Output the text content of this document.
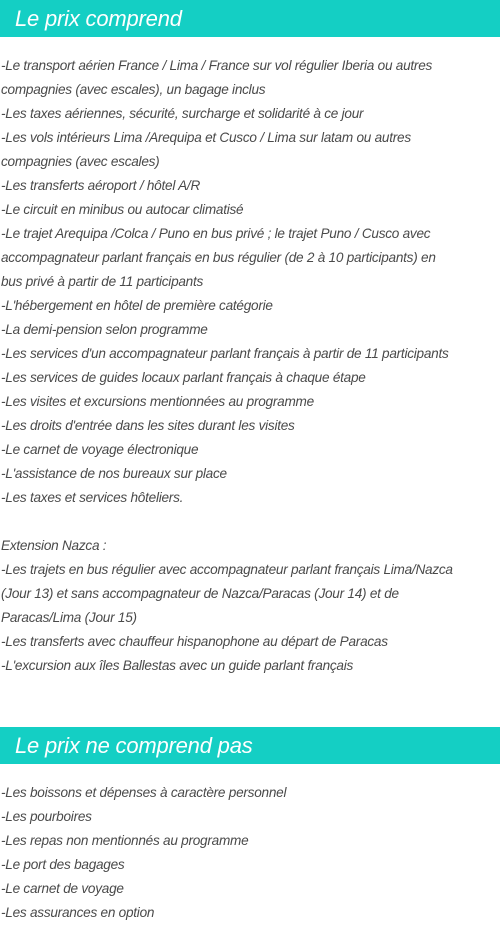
Le prix comprend
-Le transport aérien France / Lima / France sur vol régulier Iberia ou autres
compagnies (avec escales), un bagage inclus
-Les taxes aériennes, sécurité, surcharge et solidarité à ce jour
-Les vols intérieurs Lima /Arequipa et Cusco / Lima sur latam ou autres
compagnies (avec escales)
-Les transferts aéroport / hôtel A/R
-Le circuit en minibus ou autocar climatisé
-Le trajet Arequipa /Colca / Puno en bus privé ; le trajet Puno / Cusco avec
accompagnateur parlant français en bus régulier (de 2 à 10 participants) en
bus privé à partir de 11 participants
-L'hébergement en hôtel de première catégorie
-La demi-pension selon programme
-Les services d'un accompagnateur parlant français à partir de 11 participants
-Les services de guides locaux parlant français à chaque étape
-Les visites et excursions mentionnées au programme
-Les droits d'entrée dans les sites durant les visites
-Le carnet de voyage électronique
-L'assistance de nos bureaux sur place
-Les taxes et services hôteliers.
Extension Nazca :
-Les trajets en bus régulier avec accompagnateur parlant français Lima/Nazca
(Jour 13) et sans accompagnateur de Nazca/Paracas (Jour 14) et de
Paracas/Lima (Jour 15)
-Les transferts avec chauffeur hispanophone au départ de Paracas
-L'excursion aux îles Ballestas avec un guide parlant français
Le prix ne comprend pas
-Les boissons et dépenses à caractère personnel
-Les pourboires
-Les repas non mentionnés au programme
-Le port des bagages
-Le carnet de voyage
-Les assurances en option
